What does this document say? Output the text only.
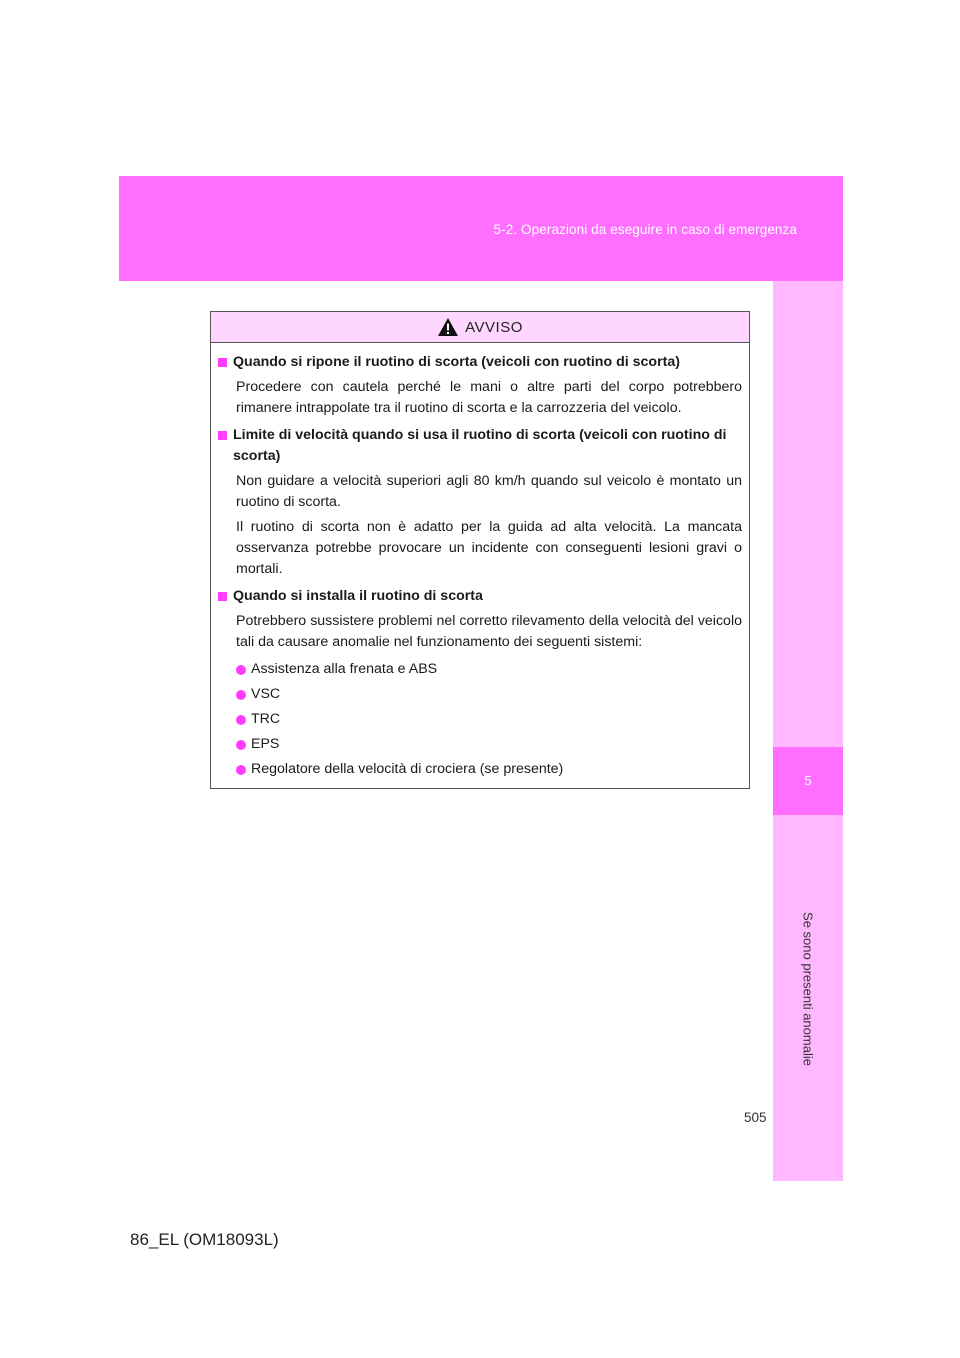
5-2. Operazioni da eseguire in caso di emergenza
5
Se sono presenti anomalie
AVVISO
Quando si ripone il ruotino di scorta (veicoli con ruotino di scorta)

Procedere con cautela perché le mani o altre parti del corpo potrebbero rimanere intrappolate tra il ruotino di scorta e la carrozzeria del veicolo.

Limite di velocità quando si usa il ruotino di scorta (veicoli con ruotino di scorta)

Non guidare a velocità superiori agli 80 km/h quando sul veicolo è montato un ruotino di scorta.

Il ruotino di scorta non è adatto per la guida ad alta velocità. La mancata osservanza potrebbe provocare un incidente con conseguenti lesioni gravi o mortali.

Quando si installa il ruotino di scorta

Potrebbero sussistere problemi nel corretto rilevamento della velocità del veicolo tali da causare anomalie nel funzionamento dei seguenti sistemi:

Assistenza alla frenata e ABS
VSC
TRC
EPS
Regolatore della velocità di crociera (se presente)
505
86_EL (OM18093L)
